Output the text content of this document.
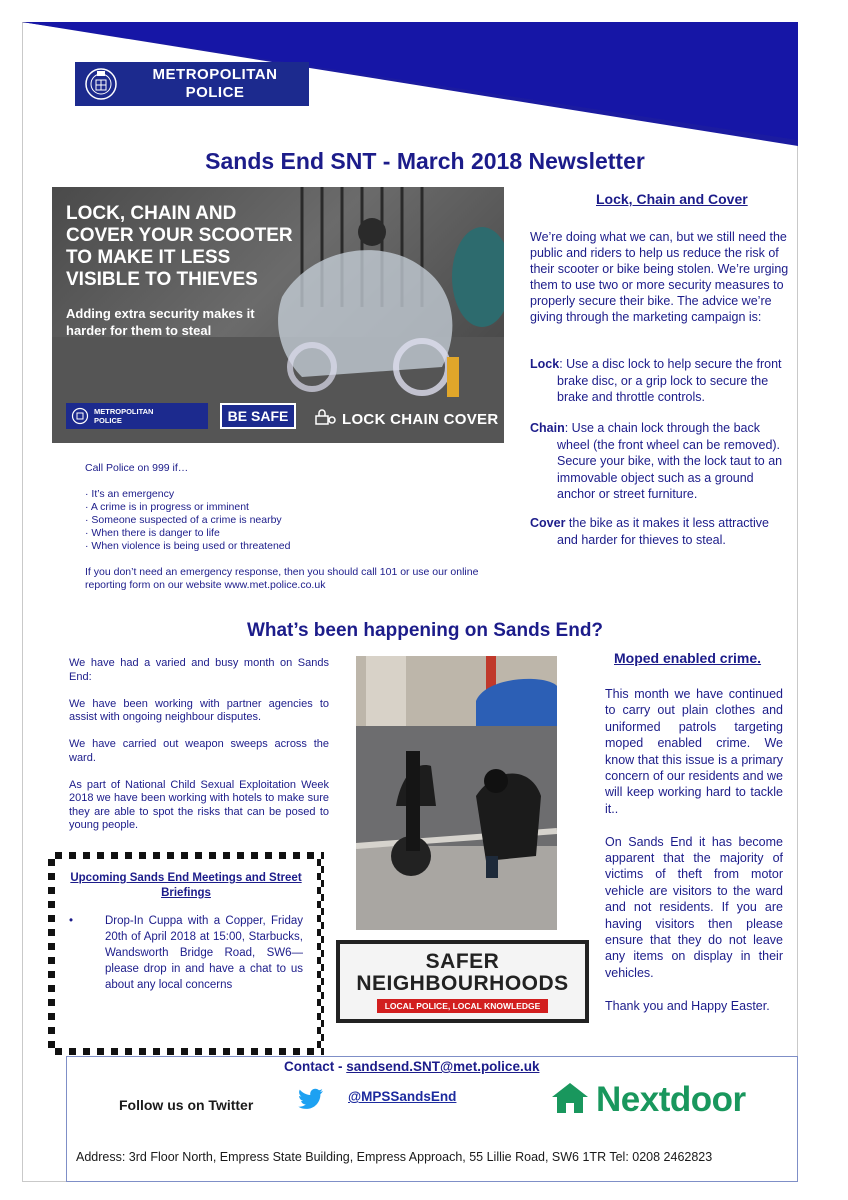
METROPOLITAN
POLICE
Sands End SNT - March 2018 Newsletter
LOCK, CHAIN AND COVER YOUR SCOOTER TO MAKE IT LESS VISIBLE TO THIEVES
Adding extra security makes it harder for them to steal
METROPOLITAN
POLICE	BE SAFE	LOCK CHAIN COVER
Lock, Chain and Cover
We’re doing what we can, but we still need the public and riders to help us reduce the risk of their scooter or bike being stolen. We’re urging them to use two or more security measures to properly secure their bike. The advice we’re giving through the marketing campaign is:
Lock: Use a disc lock to help secure the front brake disc, or a grip lock to secure the brake and throttle controls.
Chain: Use a chain lock through the back wheel (the front wheel can be removed). Secure your bike, with the lock taut to an immovable object such as a ground anchor or street furniture.
Cover the bike as it makes it less attractive and harder for thieves to steal.
Call Police on 999 if…
· It’s an emergency
· A crime is in progress or imminent
· Someone suspected of a crime is nearby
· When there is danger to life
· When violence is being used or threatened
If you don’t need an emergency response, then you should call 101 or use our online reporting form on our website www.met.police.co.uk
What’s been happening on Sands End?

We have had a varied and busy month on Sands End:

We have been working with partner agencies to assist with ongoing neighbour disputes.

We have carried out weapon sweeps across the ward.

As part of National Child Sexual Exploitation Week 2018 we have been working with hotels to make sure they are able to spot the risks that can be posed to young people.

Upcoming Sands End Meetings and Street Briefings
•	Drop-In Cuppa with a Copper, Friday 20th of April 2018 at 15:00, Starbucks, Wandsworth Bridge Road, SW6—please drop in and have a chat to us about any local concerns
SAFER
NEIGHBOURHOODS
LOCAL POLICE, LOCAL KNOWLEDGE
Moped enabled crime.

This month we have continued to carry out plain clothes and uniformed patrols targeting moped enabled crime. We know that this issue is a primary concern of our residents and we will keep working hard to tackle it..

On Sands End it has become apparent that the majority of victims of theft from motor vehicle are visitors to the ward and not residents. If you are having visitors then please ensure that they do not leave any items on display in their vehicles.

Thank you and Happy Easter.

Contact - sandsend.SNT@met.police.uk
Follow us on Twitter
@MPSSandsEnd	Nextdoor
Address: 3rd Floor North, Empress State Building, Empress Approach, 55 Lillie Road, SW6 1TR Tel: 0208 2462823
